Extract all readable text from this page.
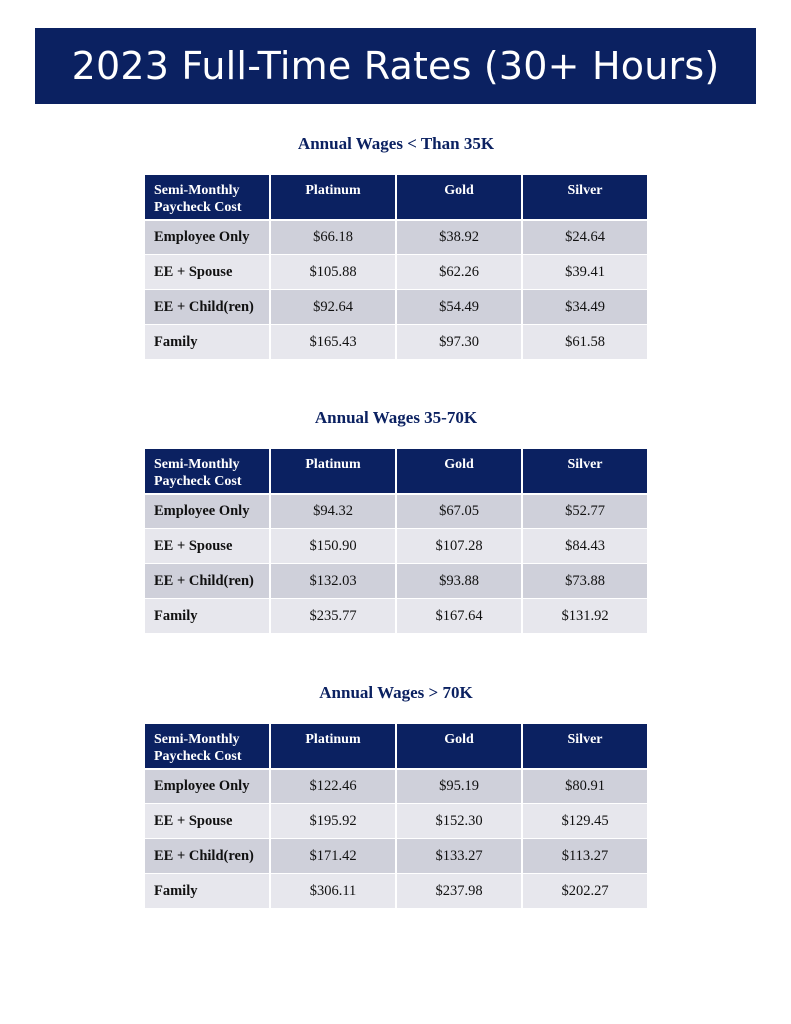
2023 Full-Time Rates (30+ Hours)
Annual Wages < Than 35K
Semi-Monthly Paycheck Cost	Platinum	Gold	Silver
Employee Only	$66.18	$38.92	$24.64
EE + Spouse	$105.88	$62.26	$39.41
EE + Child(ren)	$92.64	$54.49	$34.49
Family	$165.43	$97.30	$61.58
Annual Wages 35-70K
Semi-Monthly Paycheck Cost	Platinum	Gold	Silver
Employee Only	$94.32	$67.05	$52.77
EE + Spouse	$150.90	$107.28	$84.43
EE + Child(ren)	$132.03	$93.88	$73.88
Family	$235.77	$167.64	$131.92
Annual Wages > 70K
Semi-Monthly Paycheck Cost	Platinum	Gold	Silver
Employee Only	$122.46	$95.19	$80.91
EE + Spouse	$195.92	$152.30	$129.45
EE + Child(ren)	$171.42	$133.27	$113.27
Family	$306.11	$237.98	$202.27
